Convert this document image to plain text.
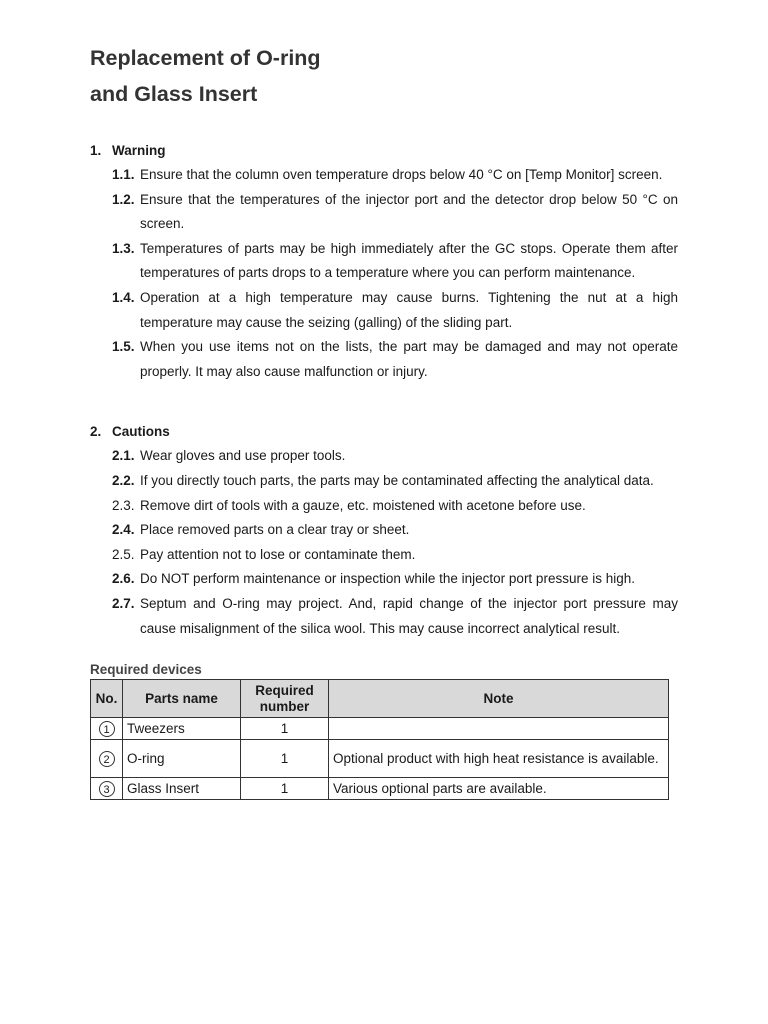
Replacement of O-ring
and Glass Insert
1. Warning
1.1. Ensure that the column oven temperature drops below 40 °C on [Temp Monitor] screen.
1.2. Ensure that the temperatures of the injector port and the detector drop below 50 °C on screen.
1.3. Temperatures of parts may be high immediately after the GC stops. Operate them after temperatures of parts drops to a temperature where you can perform maintenance.
1.4. Operation at a high temperature may cause burns. Tightening the nut at a high temperature may cause the seizing (galling) of the sliding part.
1.5. When you use items not on the lists, the part may be damaged and may not operate properly. It may also cause malfunction or injury.
2. Cautions
2.1. Wear gloves and use proper tools.
2.2. If you directly touch parts, the parts may be contaminated affecting the analytical data.
2.3. Remove dirt of tools with a gauze, etc. moistened with acetone before use.
2.4. Place removed parts on a clear tray or sheet.
2.5. Pay attention not to lose or contaminate them.
2.6. Do NOT perform maintenance or inspection while the injector port pressure is high.
2.7. Septum and O-ring may project. And, rapid change of the injector port pressure may cause misalignment of the silica wool. This may cause incorrect analytical result.

Required devices

No.	Parts name	Required number	Note
1	Tweezers	1	
2	O-ring	1	Optional product with high heat resistance is available.
3	Glass Insert	1	Various optional parts are available.
